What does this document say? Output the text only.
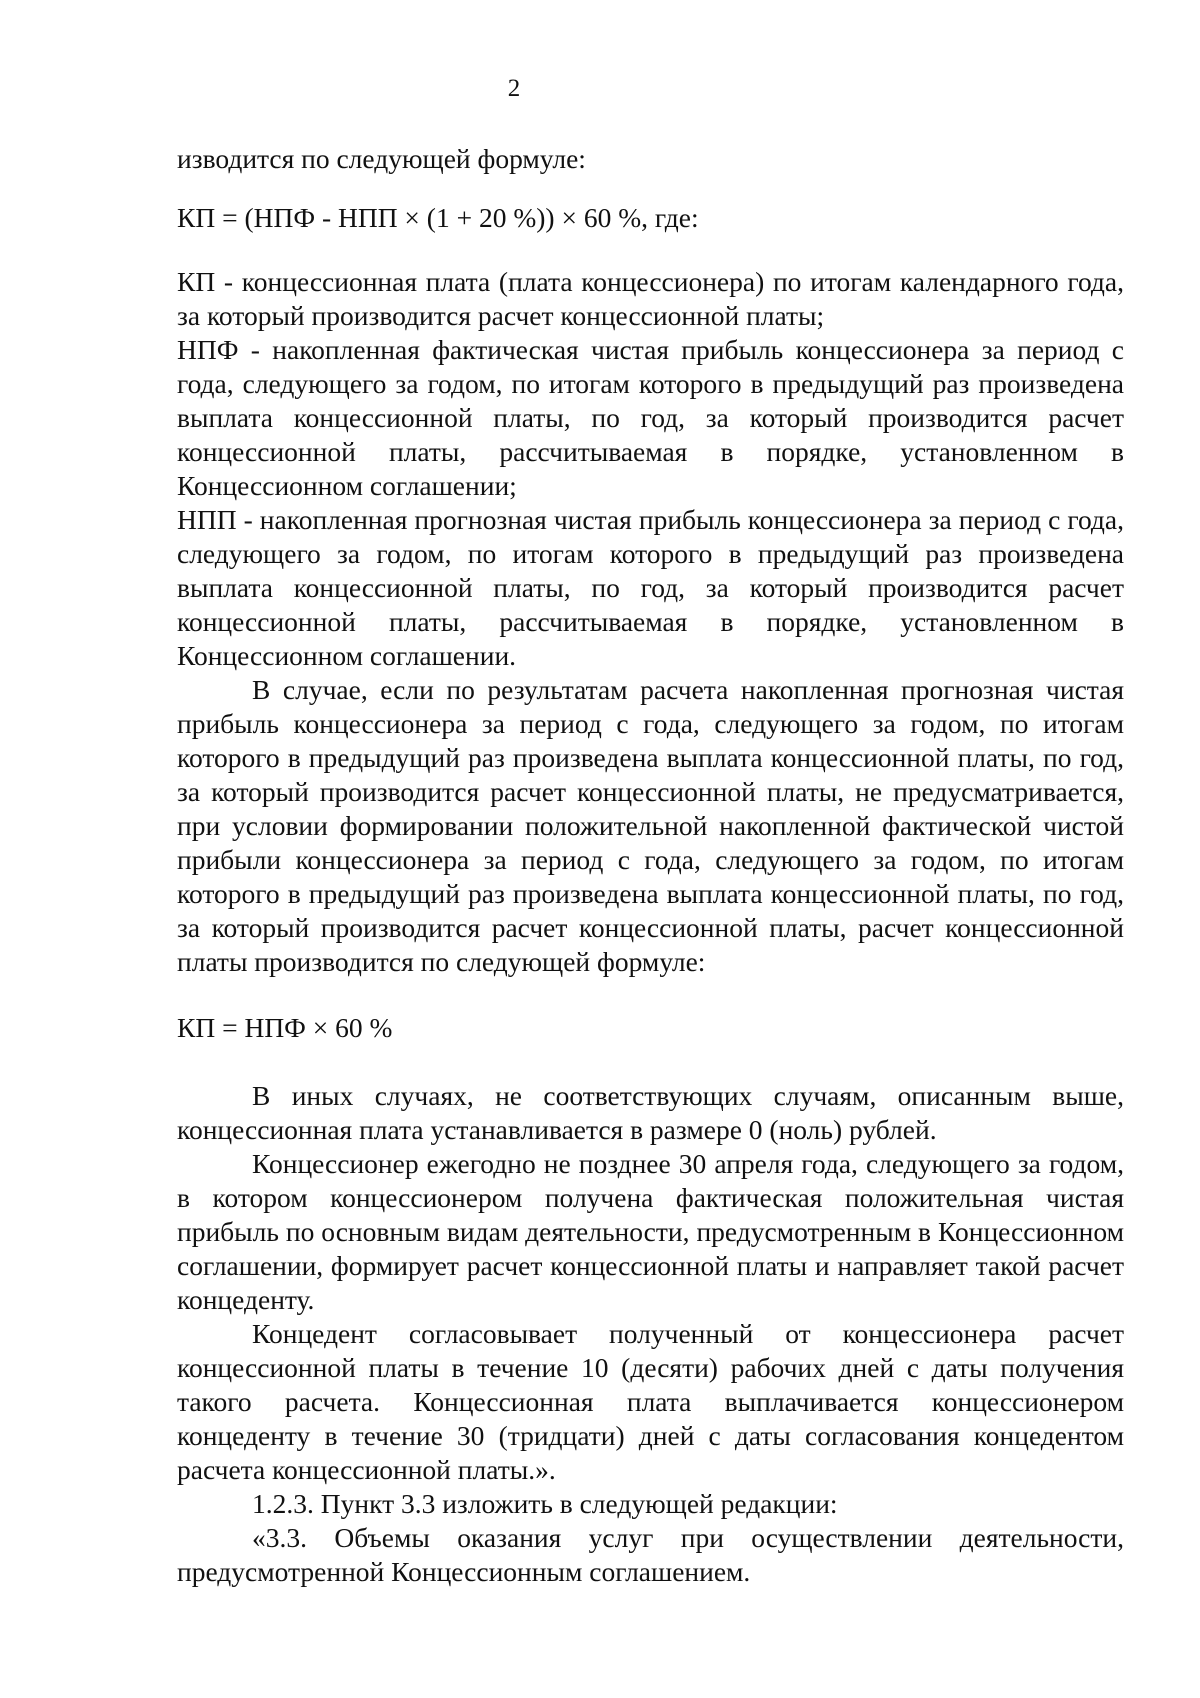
2

изводится по следующей формуле:

КП = (НПФ - НПП × (1 + 20 %)) × 60 %, где:

КП - концессионная плата (плата концессионера) по итогам календарного года, за который производится расчет концессионной платы;

НПФ - накопленная фактическая чистая прибыль концессионера за период с года, следующего за годом, по итогам которого в предыдущий раз произведена выплата концессионной платы, по год, за который производится расчет концессионной платы, рассчитываемая в порядке, установленном в Концессионном соглашении;

НПП - накопленная прогнозная чистая прибыль концессионера за период с года, следующего за годом, по итогам которого в предыдущий раз произведена выплата концессионной платы, по год, за который производится расчет концессионной платы, рассчитываемая в порядке, установленном в Концессионном соглашении.

В случае, если по результатам расчета накопленная прогнозная чистая прибыль концессионера за период с года, следующего за годом, по итогам которого в предыдущий раз произведена выплата концессионной платы, по год, за который производится расчет концессионной платы, не предусматривается, при условии формировании положительной накопленной фактической чистой прибыли концессионера за период с года, следующего за годом, по итогам которого в предыдущий раз произведена выплата концессионной платы, по год, за который производится расчет концессионной платы, расчет концессионной платы производится по следующей формуле:

КП = НПФ × 60 %

В иных случаях, не соответствующих случаям, описанным выше, концессионная плата устанавливается в размере 0 (ноль) рублей.

Концессионер ежегодно не позднее 30 апреля года, следующего за годом, в котором концессионером получена фактическая положительная чистая прибыль по основным видам деятельности, предусмотренным в Концессионном соглашении, формирует расчет концессионной платы и направляет такой расчет концеденту.

Концедент согласовывает полученный от концессионера расчет концессионной платы в течение 10 (десяти) рабочих дней с даты получения такого расчета. Концессионная плата выплачивается концессионером концеденту в течение 30 (тридцати) дней с даты согласования концедентом расчета концессионной платы.».

1.2.3. Пункт 3.3 изложить в следующей редакции:

«3.3. Объемы оказания услуг при осуществлении деятельности, предусмотренной Концессионным соглашением.
